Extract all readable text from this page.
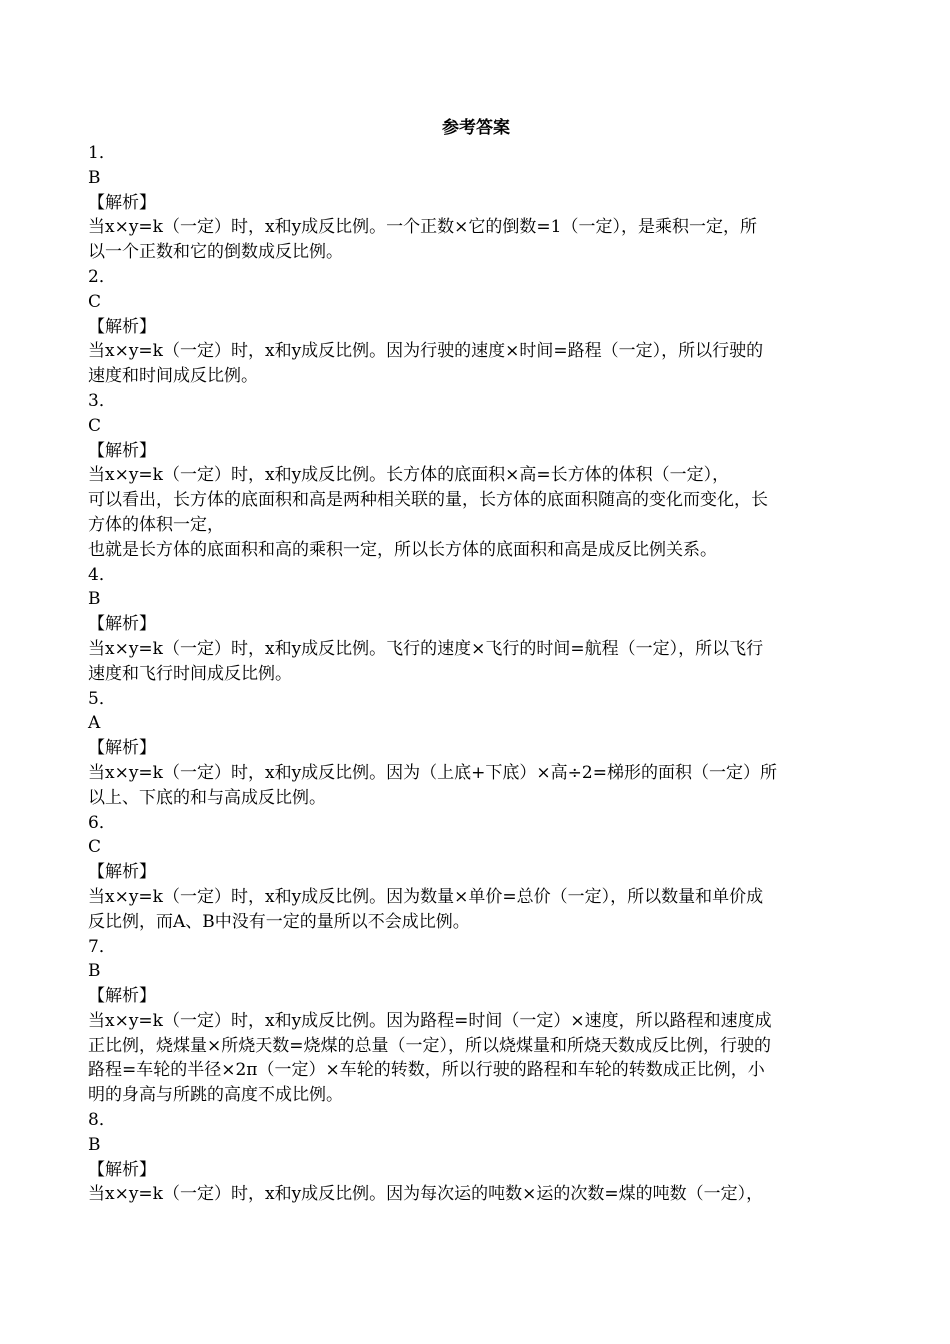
参考答案
1．
B
【解析】
当x×y=k（一定）时，x和y成反比例。一个正数×它的倒数=1（一定），是乘积一定，所
以一个正数和它的倒数成反比例。
2．
C
【解析】
当x×y=k（一定）时，x和y成反比例。因为行驶的速度×时间=路程（一定），所以行驶的
速度和时间成反比例。
3．
C
【解析】
当x×y=k（一定）时，x和y成反比例。长方体的底面积×高=长方体的体积（一定），
可以看出，长方体的底面积和高是两种相关联的量，长方体的底面积随高的变化而变化，长
方体的体积一定，
也就是长方体的底面积和高的乘积一定，所以长方体的底面积和高是成反比例关系。
4．
B
【解析】
当x×y=k（一定）时，x和y成反比例。飞行的速度×飞行的时间=航程（一定），所以飞行
速度和飞行时间成反比例。
5．
A
【解析】
当x×y=k（一定）时，x和y成反比例。因为（上底+下底）×高÷2=梯形的面积（一定）所
以上、下底的和与高成反比例。
6．
C
【解析】
当x×y=k（一定）时，x和y成反比例。因为数量×单价=总价（一定），所以数量和单价成
反比例，而A、B中没有一定的量所以不会成比例。
7．
B
【解析】
当x×y=k（一定）时，x和y成反比例。因为路程=时间（一定）×速度，所以路程和速度成
正比例，烧煤量×所烧天数=烧煤的总量（一定），所以烧煤量和所烧天数成反比例，行驶的
路程=车轮的半径×2π（一定）×车轮的转数，所以行驶的路程和车轮的转数成正比例，小
明的身高与所跳的高度不成比例。
8．
B
【解析】
当x×y=k（一定）时，x和y成反比例。因为每次运的吨数×运的次数=煤的吨数（一定），
